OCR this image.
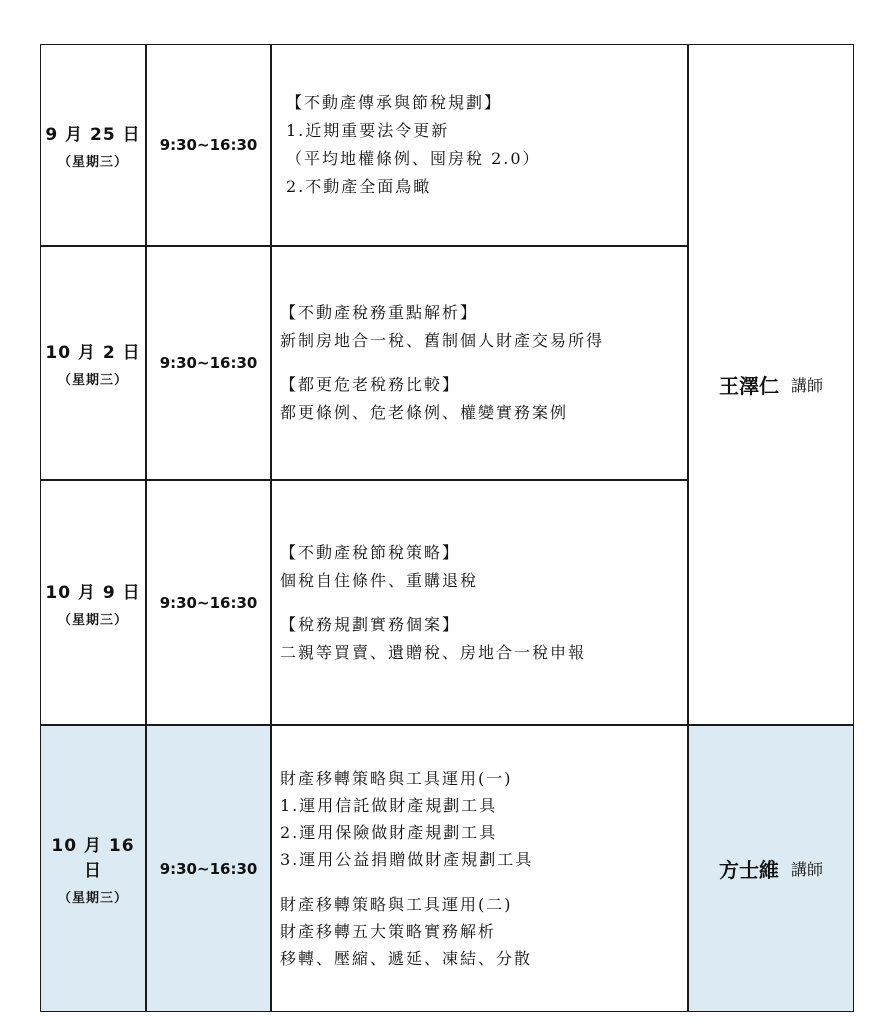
9 月 25 日
（星期三）
9:30~16:30
【不動產傳承與節稅規劃】
1.近期重要法令更新
（平均地權條例、囤房稅 2.0）
2.不動產全面鳥瞰
10 月 2 日
（星期三）
9:30~16:30
【不動產稅務重點解析】
新制房地合一稅、舊制個人財產交易所得
【都更危老稅務比較】
都更條例、危老條例、權變實務案例
10 月 9 日
（星期三）
9:30~16:30
【不動產稅節稅策略】
個稅自住條件、重購退稅
【稅務規劃實務個案】
二親等買賣、遺贈稅、房地合一稅申報
王澤仁 講師
10 月 16 日
（星期三）
9:30~16:30
財產移轉策略與工具運用(一)
1.運用信託做財產規劃工具
2.運用保險做財產規劃工具
3.運用公益捐贈做財產規劃工具
財產移轉策略與工具運用(二)
財產移轉五大策略實務解析
移轉、壓縮、遞延、凍結、分散
方士維 講師
